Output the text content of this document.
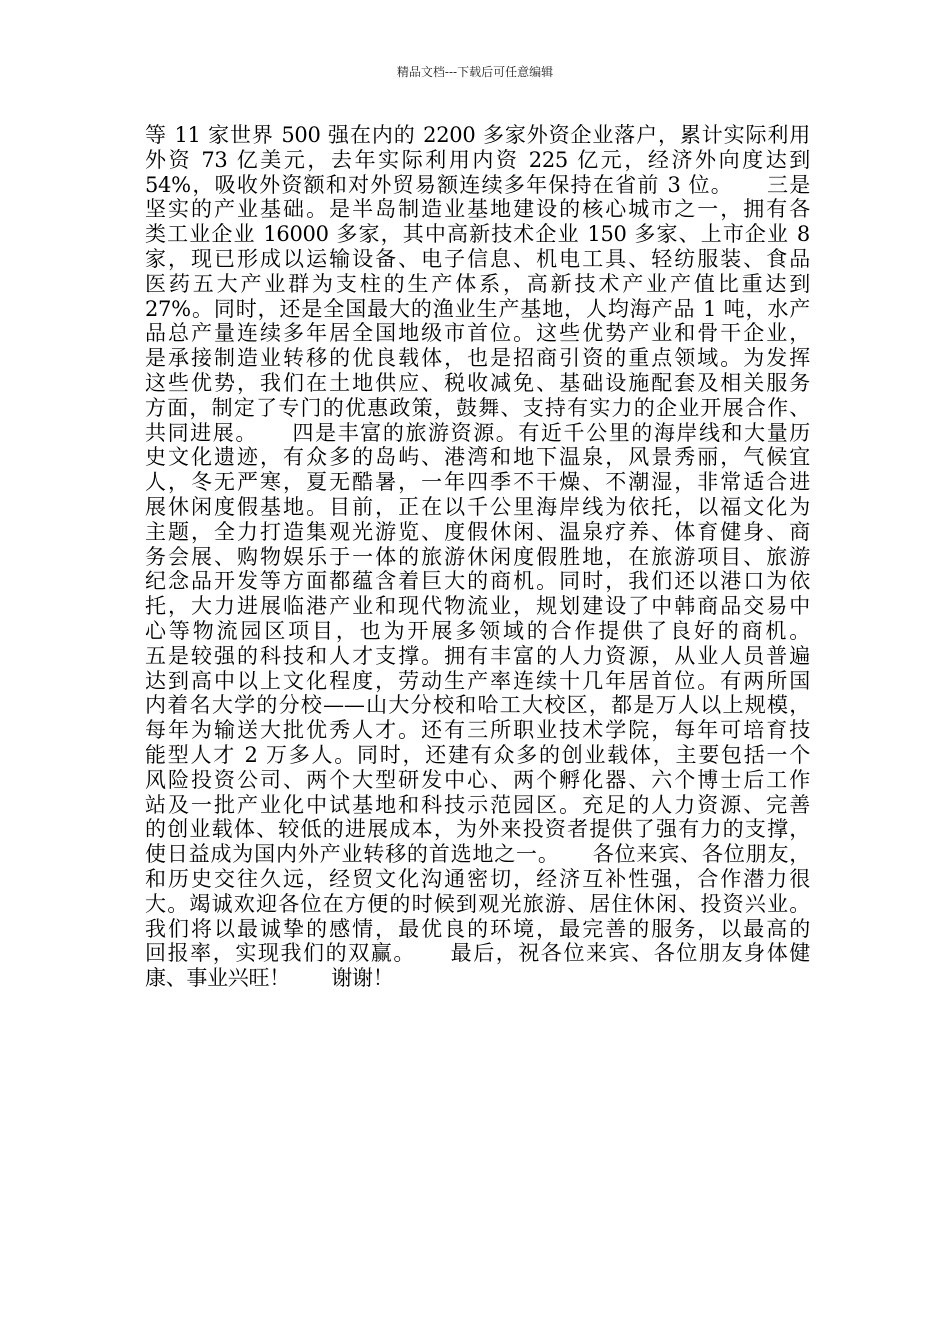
精品文档---下载后可任意编辑
等 11 家世界 500 强在内的 2200 多家外资企业落户，累计实际利用
外资 73 亿美元，去年实际利用内资 225 亿元，经济外向度达到
54%，吸收外资额和对外贸易额连续多年保持在省前 3 位。　　三是
坚实的产业基础。是半岛制造业基地建设的核心城市之一，拥有各
类工业企业 16000 多家，其中高新技术企业 150 多家、上市企业 8
家，现已形成以运输设备、电子信息、机电工具、轻纺服装、食品
医药五大产业群为支柱的生产体系，高新技术产业产值比重达到
27%。同时，还是全国最大的渔业生产基地，人均海产品 1 吨，水产
品总产量连续多年居全国地级市首位。这些优势产业和骨干企业，
是承接制造业转移的优良载体，也是招商引资的重点领域。为发挥
这些优势，我们在土地供应、税收减免、基础设施配套及相关服务
方面，制定了专门的优惠政策，鼓舞、支持有实力的企业开展合作、
共同进展。　　四是丰富的旅游资源。有近千公里的海岸线和大量历
史文化遗迹，有众多的岛屿、港湾和地下温泉，风景秀丽，气候宜
人，冬无严寒，夏无酷暑，一年四季不干燥、不潮湿，非常适合进
展休闲度假基地。目前，正在以千公里海岸线为依托，以福文化为
主题，全力打造集观光游览、度假休闲、温泉疗养、体育健身、商
务会展、购物娱乐于一体的旅游休闲度假胜地，在旅游项目、旅游
纪念品开发等方面都蕴含着巨大的商机。同时，我们还以港口为依
托，大力进展临港产业和现代物流业，规划建设了中韩商品交易中
心等物流园区项目，也为开展多领域的合作提供了良好的商机。
五是较强的科技和人才支撑。拥有丰富的人力资源，从业人员普遍
达到高中以上文化程度，劳动生产率连续十几年居首位。有两所国
内着名大学的分校——山大分校和哈工大校区，都是万人以上规模，
每年为输送大批优秀人才。还有三所职业技术学院，每年可培育技
能型人才 2 万多人。同时，还建有众多的创业载体，主要包括一个
风险投资公司、两个大型研发中心、两个孵化器、六个博士后工作
站及一批产业化中试基地和科技示范园区。充足的人力资源、完善
的创业载体、较低的进展成本，为外来投资者提供了强有力的支撑，
使日益成为国内外产业转移的首选地之一。　　各位来宾、各位朋友，
和历史交往久远，经贸文化沟通密切，经济互补性强，合作潜力很
大。竭诚欢迎各位在方便的时候到观光旅游、居住休闲、投资兴业。
我们将以最诚挚的感情，最优良的环境，最完善的服务，以最高的
回报率，实现我们的双赢。　　最后，祝各位来宾、各位朋友身体健
康、事业兴旺！　　谢谢！
